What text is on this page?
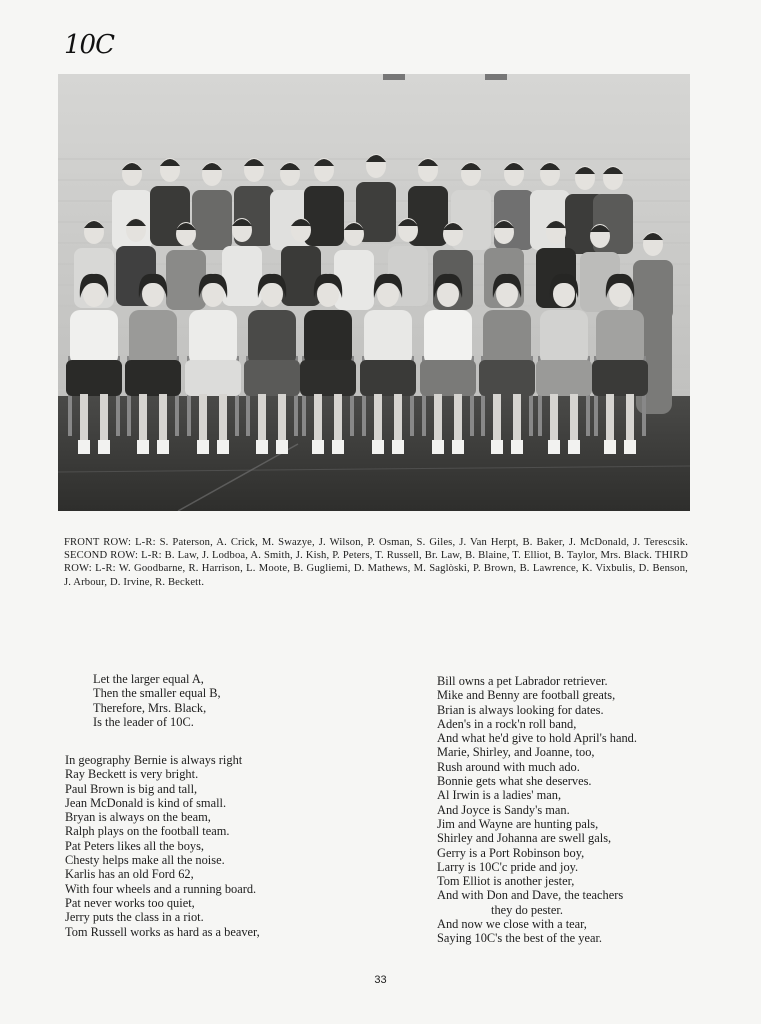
10C
FRONT ROW: L-R: S. Paterson, A. Crick, M. Swazye, J. Wilson, P. Osman, S. Giles, J. Van Herpt, B. Baker, J. McDonald, J. Terescsik. SECOND ROW: L-R: B. Law, J. Lodboa, A. Smith, J. Kish, P. Peters, T. Russell, Br. Law, B. Blaine, T. Elliot, B. Taylor, Mrs. Black. THIRD ROW: L-R: W. Goodbarne, R. Harrison, L. Moote, B. Gugliemi, D. Mathews, M. Saglòski, P. Brown, B. Lawrence, K. Vixbulis, D. Benson, J. Arbour, D. Irvine, R. Beckett.
Let the larger equal A,
Then the smaller equal B,
Therefore, Mrs. Black,
Is the leader of 10C.
In geography Bernie is always right
Ray Beckett is very bright.
Paul Brown is big and tall,
Jean McDonald is kind of small.
Bryan is always on the beam,
Ralph plays on the football team.
Pat Peters likes all the boys,
Chesty helps make all the noise.
Karlis has an old Ford 62,
With four wheels and a running board.
Pat never works too quiet,
Jerry puts the class in a riot.
Tom Russell works as hard as a beaver,
Bill owns a pet Labrador retriever.
Mike and Benny are football greats,
Brian is always looking for dates.
Aden's in a rock'n roll band,
And what he'd give to hold April's hand.
Marie, Shirley, and Joanne, too,
Rush around with much ado.
Bonnie gets what she deserves.
Al Irwin is a ladies' man,
And Joyce is Sandy's man.
Jim and Wayne are hunting pals,
Shirley and Johanna are swell gals,
Gerry is a Port Robinson boy,
Larry is 10C'c pride and joy.
Tom Elliot is another jester,
And with Don and Dave, the teachers
they do pester.
And now we close with a tear,
Saying 10C's the best of the year.
33
